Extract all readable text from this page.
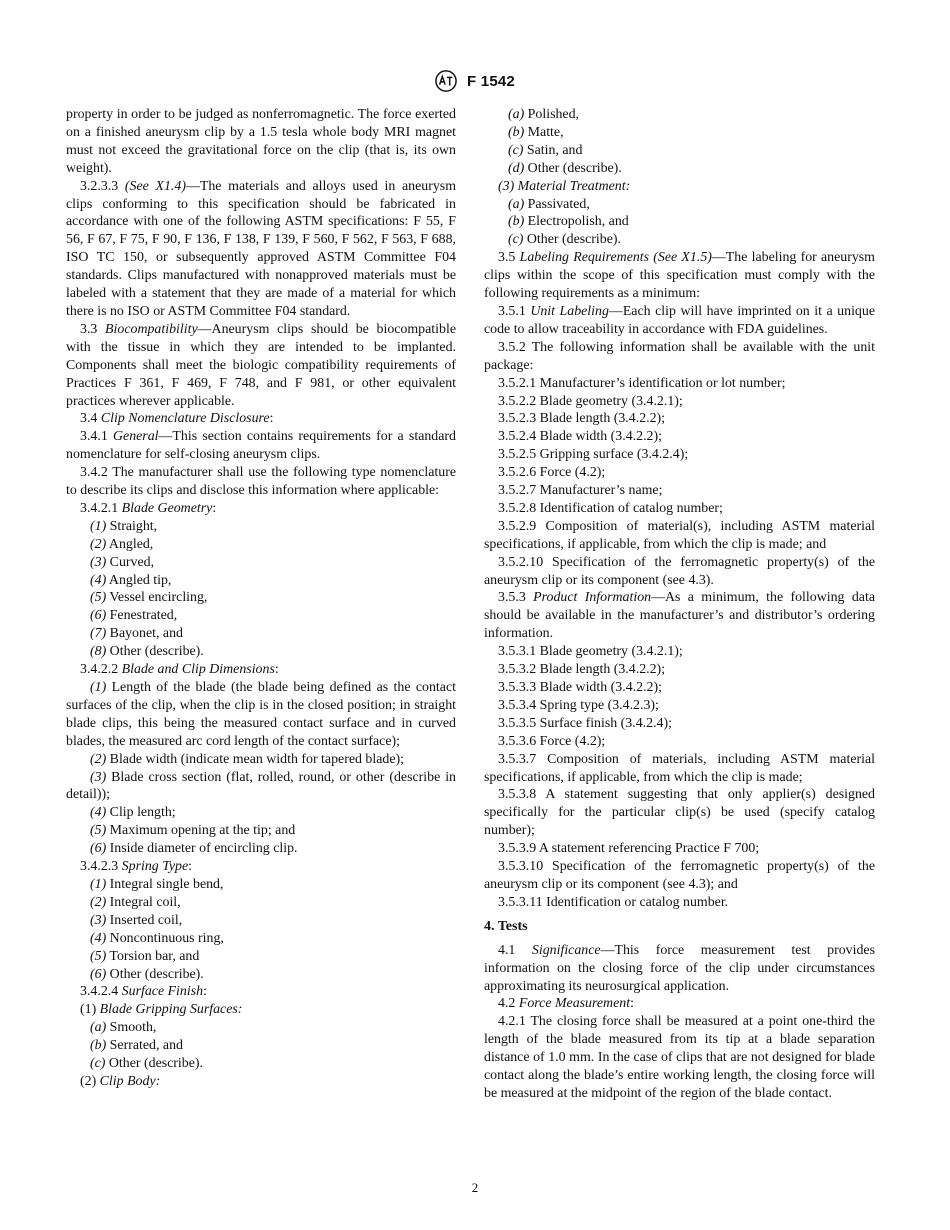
F 1542

property in order to be judged as nonferromagnetic. The force exerted on a finished aneurysm clip by a 1.5 tesla whole body MRI magnet must not exceed the gravitational force on the clip (that is, its own weight).

3.2.3.3 (See X1.4)—The materials and alloys used in aneurysm clips conforming to this specification should be fabricated in accordance with one of the following ASTM specifications: F 55, F 56, F 67, F 75, F 90, F 136, F 138, F 139, F 560, F 562, F 563, F 688, ISO TC 150, or subsequently approved ASTM Committee F04 standards. Clips manufactured with nonapproved materials must be labeled with a statement that they are made of a material for which there is no ISO or ASTM Committee F04 standard.

3.3 Biocompatibility—Aneurysm clips should be biocompatible with the tissue in which they are intended to be implanted. Components shall meet the biologic compatibility requirements of Practices F 361, F 469, F 748, and F 981, or other equivalent practices wherever applicable.

3.4 Clip Nomenclature Disclosure:

3.4.1 General—This section contains requirements for a standard nomenclature for self-closing aneurysm clips.

3.4.2 The manufacturer shall use the following type nomenclature to describe its clips and disclose this information where applicable:

3.4.2.1 Blade Geometry:

(1) Straight,

(2) Angled,

(3) Curved,

(4) Angled tip,

(5) Vessel encircling,

(6) Fenestrated,

(7) Bayonet, and

(8) Other (describe).

3.4.2.2 Blade and Clip Dimensions:

(1) Length of the blade (the blade being defined as the contact surfaces of the clip, when the clip is in the closed position; in straight blade clips, this being the measured contact surface and in curved blades, the measured arc cord length of the contact surface);

(2) Blade width (indicate mean width for tapered blade);

(3) Blade cross section (flat, rolled, round, or other (describe in detail));

(4) Clip length;

(5) Maximum opening at the tip; and

(6) Inside diameter of encircling clip.

3.4.2.3 Spring Type:

(1) Integral single bend,

(2) Integral coil,

(3) Inserted coil,

(4) Noncontinuous ring,

(5) Torsion bar, and

(6) Other (describe).

3.4.2.4 Surface Finish:

(1) Blade Gripping Surfaces:

(a) Smooth,

(b) Serrated, and

(c) Other (describe).

(2) Clip Body:

(a) Polished,

(b) Matte,

(c) Satin, and

(d) Other (describe).

(3) Material Treatment:

(a) Passivated,

(b) Electropolish, and

(c) Other (describe).

3.5 Labeling Requirements (See X1.5)—The labeling for aneurysm clips within the scope of this specification must comply with the following requirements as a minimum:

3.5.1 Unit Labeling—Each clip will have imprinted on it a unique code to allow traceability in accordance with FDA guidelines.

3.5.2 The following information shall be available with the unit package:

3.5.2.1 Manufacturer’s identification or lot number;

3.5.2.2 Blade geometry (3.4.2.1);

3.5.2.3 Blade length (3.4.2.2);

3.5.2.4 Blade width (3.4.2.2);

3.5.2.5 Gripping surface (3.4.2.4);

3.5.2.6 Force (4.2);

3.5.2.7 Manufacturer’s name;

3.5.2.8 Identification of catalog number;

3.5.2.9 Composition of material(s), including ASTM material specifications, if applicable, from which the clip is made; and

3.5.2.10 Specification of the ferromagnetic property(s) of the aneurysm clip or its component (see 4.3).

3.5.3 Product Information—As a minimum, the following data should be available in the manufacturer’s and distributor’s ordering information.

3.5.3.1 Blade geometry (3.4.2.1);

3.5.3.2 Blade length (3.4.2.2);

3.5.3.3 Blade width (3.4.2.2);

3.5.3.4 Spring type (3.4.2.3);

3.5.3.5 Surface finish (3.4.2.4);

3.5.3.6 Force (4.2);

3.5.3.7 Composition of materials, including ASTM material specifications, if applicable, from which the clip is made;

3.5.3.8 A statement suggesting that only applier(s) designed specifically for the particular clip(s) be used (specify catalog number);

3.5.3.9 A statement referencing Practice F 700;

3.5.3.10 Specification of the ferromagnetic property(s) of the aneurysm clip or its component (see 4.3); and

3.5.3.11 Identification or catalog number.

4. Tests

4.1 Significance—This force measurement test provides information on the closing force of the clip under circumstances approximating its neurosurgical application.

4.2 Force Measurement:

4.2.1 The closing force shall be measured at a point one-third the length of the blade measured from its tip at a blade separation distance of 1.0 mm. In the case of clips that are not designed for blade contact along the blade’s entire working length, the closing force will be measured at the midpoint of the region of the blade contact.

2
